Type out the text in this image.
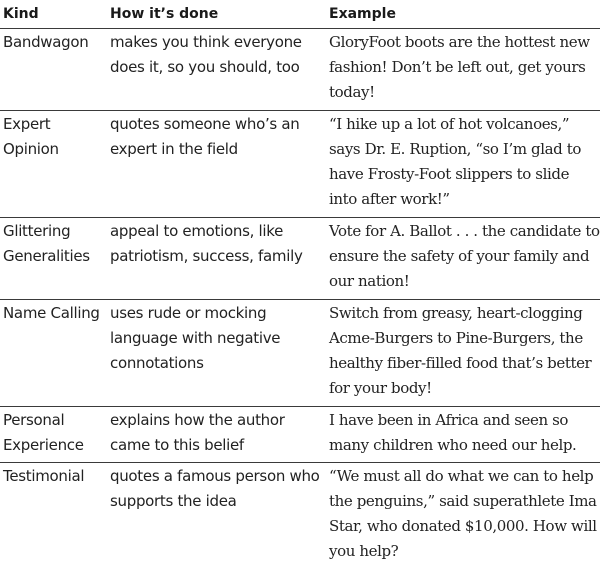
Kind	How it’s done	Example
Bandwagon	makes you think everyone does it, so you should, too	GloryFoot boots are the hottest new fashion! Don’t be left out, get yours today!
Expert Opinion	quotes someone who’s an expert in the field	“I hike up a lot of hot volcanoes,” says Dr. E. Ruption, “so I’m glad to have Frosty-Foot slippers to slide into after work!”
Glittering Generalities	appeal to emotions, like patriotism, success, family	Vote for A. Ballot . . . the candidate to ensure the safety of your family and our nation!
Name Calling	uses rude or mocking language with negative connotations	Switch from greasy, heart-clogging Acme-Burgers to Pine-Burgers, the healthy fiber-filled food that’s better for your body!
Personal Experience	explains how the author came to this belief	I have been in Africa and seen so many children who need our help.
Testimonial	quotes a famous person who supports the idea	“We must all do what we can to help the penguins,” said superathlete Ima Star, who donated $10,000. How will you help?
